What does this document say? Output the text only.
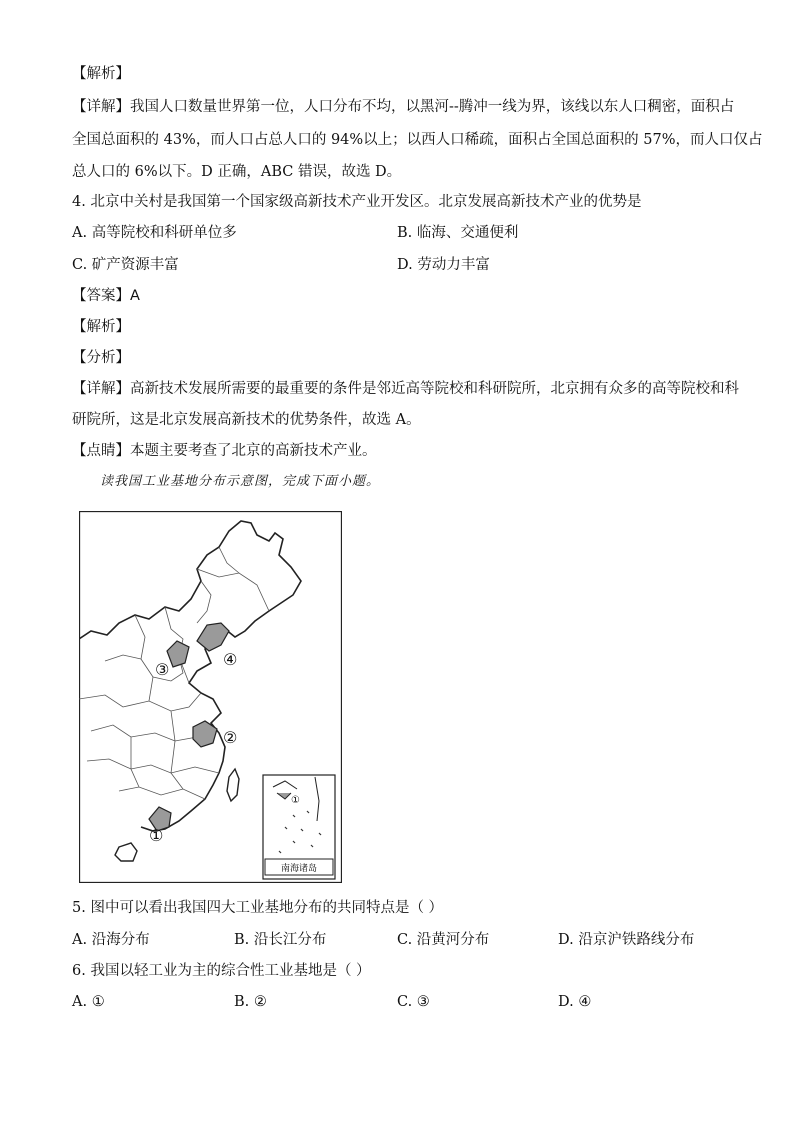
【解析】
【详解】我国人口数量世界第一位，人口分布不均，以黑河--腾冲一线为界，该线以东人口稠密，面积占
全国总面积的 43%，而人口占总人口的 94%以上；以西人口稀疏，面积占全国总面积的 57%，而人口仅占
总人口的 6%以下。D 正确，ABC 错误，故选 D。
4. 北京中关村是我国第一个国家级高新技术产业开发区。北京发展高新技术产业的优势是
A. 高等院校和科研单位多	B. 临海、交通便利
C. 矿产资源丰富	D. 劳动力丰富
【答案】A
【解析】
【分析】
【详解】高新技术发展所需要的最重要的条件是邻近高等院校和科研院所，北京拥有众多的高等院校和科
研院所，这是北京发展高新技术的优势条件，故选 A。
【点睛】本题主要考查了北京的高新技术产业。
读我国工业基地分布示意图，完成下面小题。
①
②
③
④
①
南海诸岛
5. 图中可以看出我国四大工业基地分布的共同特点是（ ）
A. 沿海分布	B. 沿长江分布	C. 沿黄河分布	D. 沿京沪铁路线分布
6. 我国以轻工业为主的综合性工业基地是（ ）
A. ①	B. ②	C. ③	D. ④
